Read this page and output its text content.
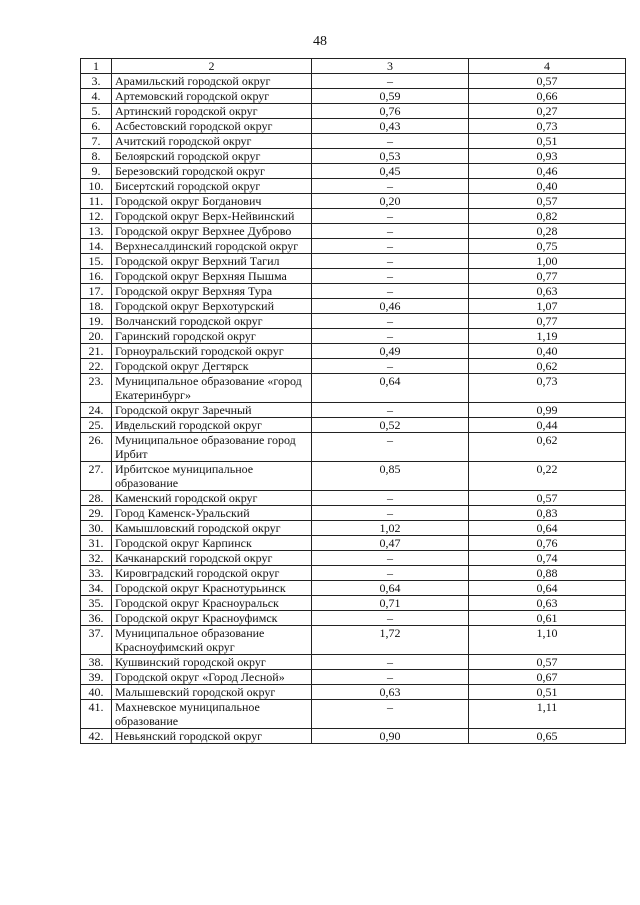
48
1	2	3	4
3.	Арамильский городской округ	–	0,57
4.	Артемовский городской округ	0,59	0,66
5.	Артинский городской округ	0,76	0,27
6.	Асбестовский городской округ	0,43	0,73
7.	Ачитский городской округ	–	0,51
8.	Белоярский городской округ	0,53	0,93
9.	Березовский городской округ	0,45	0,46
10.	Бисертский городской округ	–	0,40
11.	Городской округ Богданович	0,20	0,57
12.	Городской округ Верх-Нейвинский	–	0,82
13.	Городской округ Верхнее Дуброво	–	0,28
14.	Верхнесалдинский городской округ	–	0,75
15.	Городской округ Верхний Тагил	–	1,00
16.	Городской округ Верхняя Пышма	–	0,77
17.	Городской округ Верхняя Тура	–	0,63
18.	Городской округ Верхотурский	0,46	1,07
19.	Волчанский городской округ	–	0,77
20.	Гаринский городской округ	–	1,19
21.	Горноуральский городской округ	0,49	0,40
22.	Городской округ Дегтярск	–	0,62
23.	Муниципальное образование «город Екатеринбург»	0,64	0,73
24.	Городской округ Заречный	–	0,99
25.	Ивдельский городской округ	0,52	0,44
26.	Муниципальное образование город Ирбит	–	0,62
27.	Ирбитское муниципальное образование	0,85	0,22
28.	Каменский городской округ	–	0,57
29.	Город Каменск-Уральский	–	0,83
30.	Камышловский городской округ	1,02	0,64
31.	Городской округ Карпинск	0,47	0,76
32.	Качканарский городской округ	–	0,74
33.	Кировградский городской округ	–	0,88
34.	Городской округ Краснотурьинск	0,64	0,64
35.	Городской округ Красноуральск	0,71	0,63
36.	Городской округ Красноуфимск	–	0,61
37.	Муниципальное образование Красноуфимский округ	1,72	1,10
38.	Кушвинский городской округ	–	0,57
39.	Городской округ «Город Лесной»	–	0,67
40.	Малышевский городской округ	0,63	0,51
41.	Махневское муниципальное образование	–	1,11
42.	Невьянский городской округ	0,90	0,65
